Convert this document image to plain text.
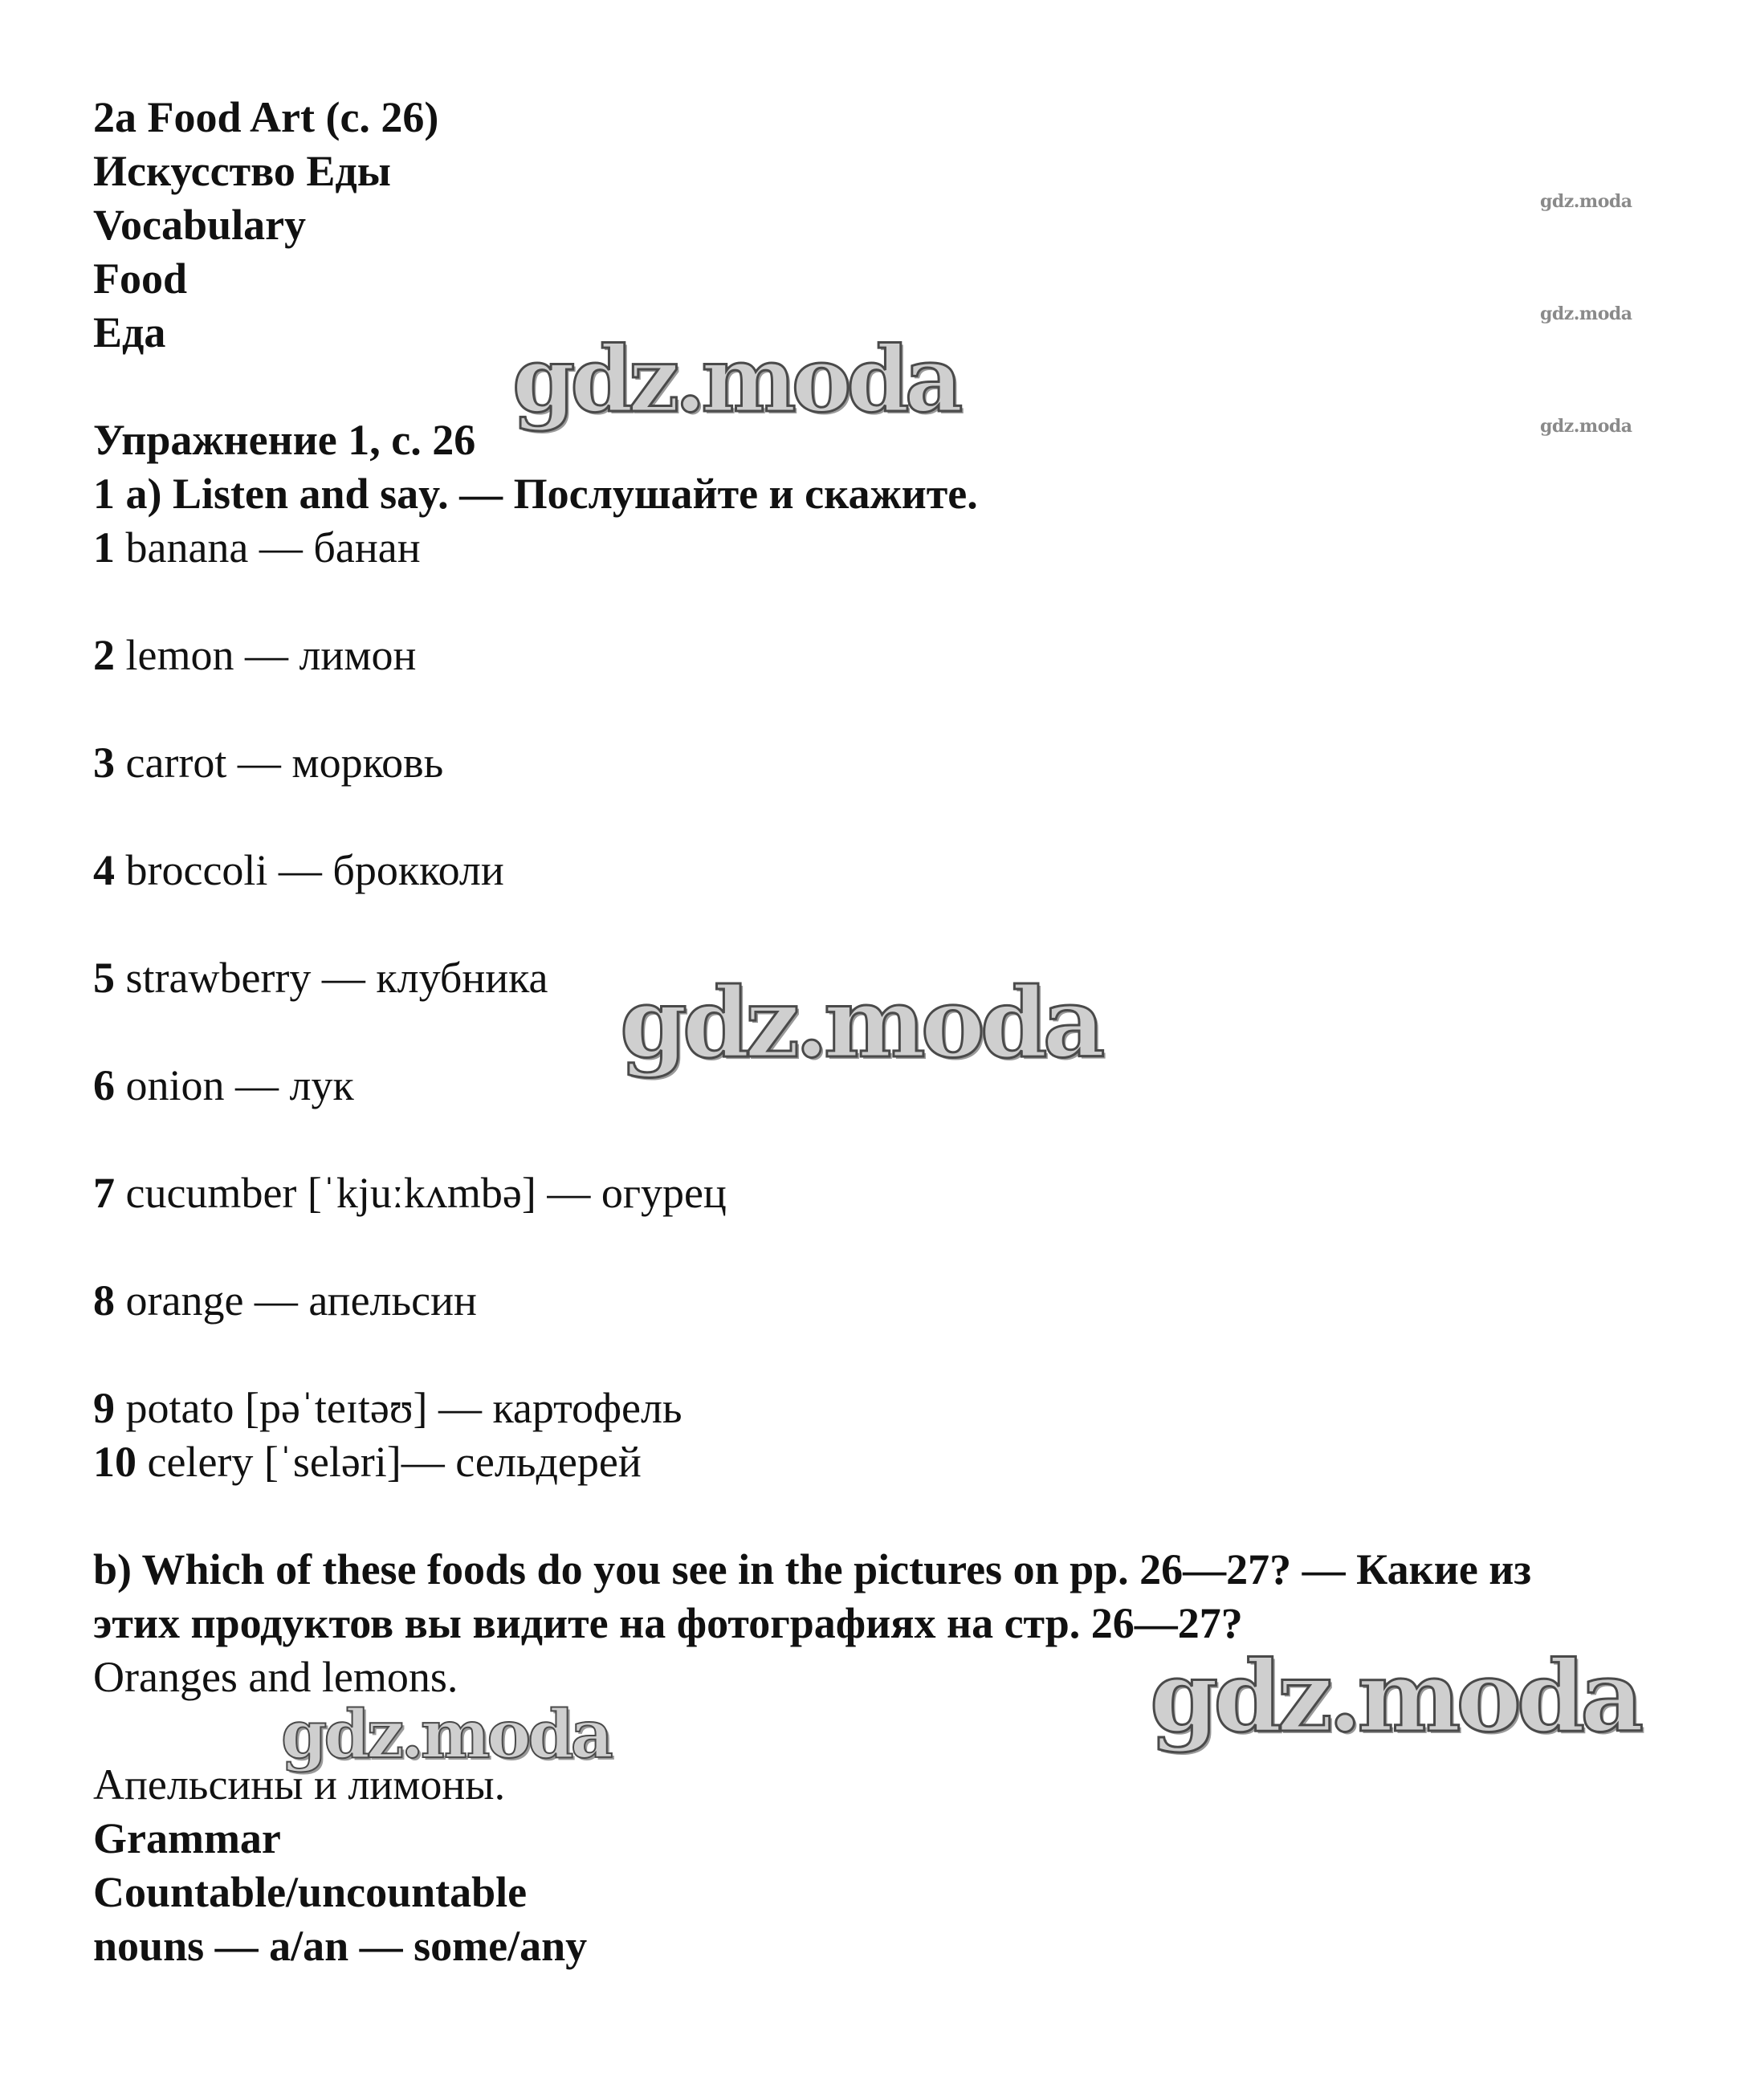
2a Food Art (с. 26)
Искусство Еды
Vocabulary
Food
Еда
Упражнение 1, с. 26
1 a) Listen and say. — Послушайте и скажите.
1 banana — банан
2 lemon — лимон
3 carrot — морковь
4 broccoli — брокколи
5 strawberry — клубника
6 onion — лук
7 cucumber [ˈkjuːkʌmbə] — огурец
8 orange — апельсин
9 potato [pəˈteɪtəʊ] — картофель
10 celery [ˈseləri]— сельдерей
b) Which of these foods do you see in the pictures on pp. 26—27? — Какие из
этих продуктов вы видите на фотографиях на стр. 26—27?
Oranges and lemons.
Апельсины и лимоны.
Grammar
Countable/uncountable
nouns — a/an — some/any
gdz.moda
gdz.moda
gdz.moda
gdz.moda
gdz.moda
gdz.moda
gdz.moda
